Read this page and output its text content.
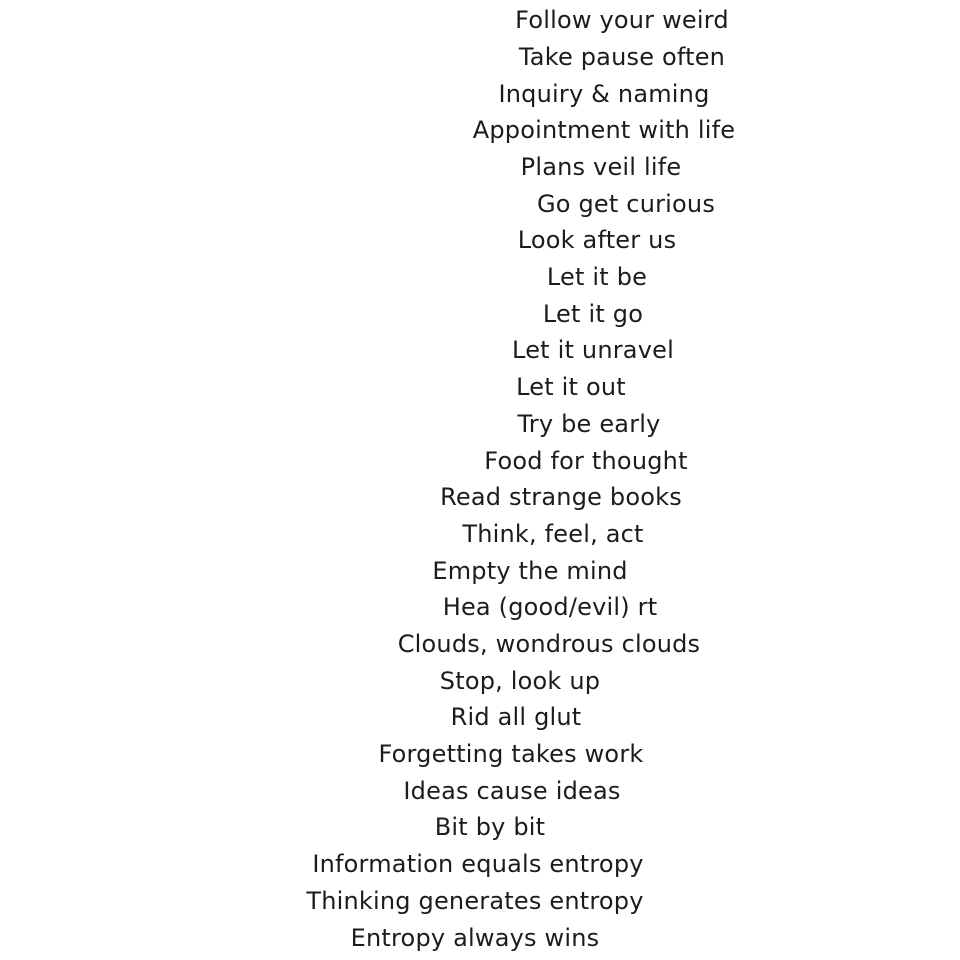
Follow your weird
Take pause often
Inquiry & naming
Appointment with life
Plans veil life
Go get curious
Look after us
Let it be
Let it go
Let it unravel
Let it out
Try be early
Food for thought
Read strange books
Think, feel, act
Empty the mind
Hea (good/evil) rt
Clouds, wondrous clouds
Stop, look up
Rid all glut
Forgetting takes work
Ideas cause ideas
Bit by bit
Information equals entropy
Thinking generates entropy
Entropy always wins
